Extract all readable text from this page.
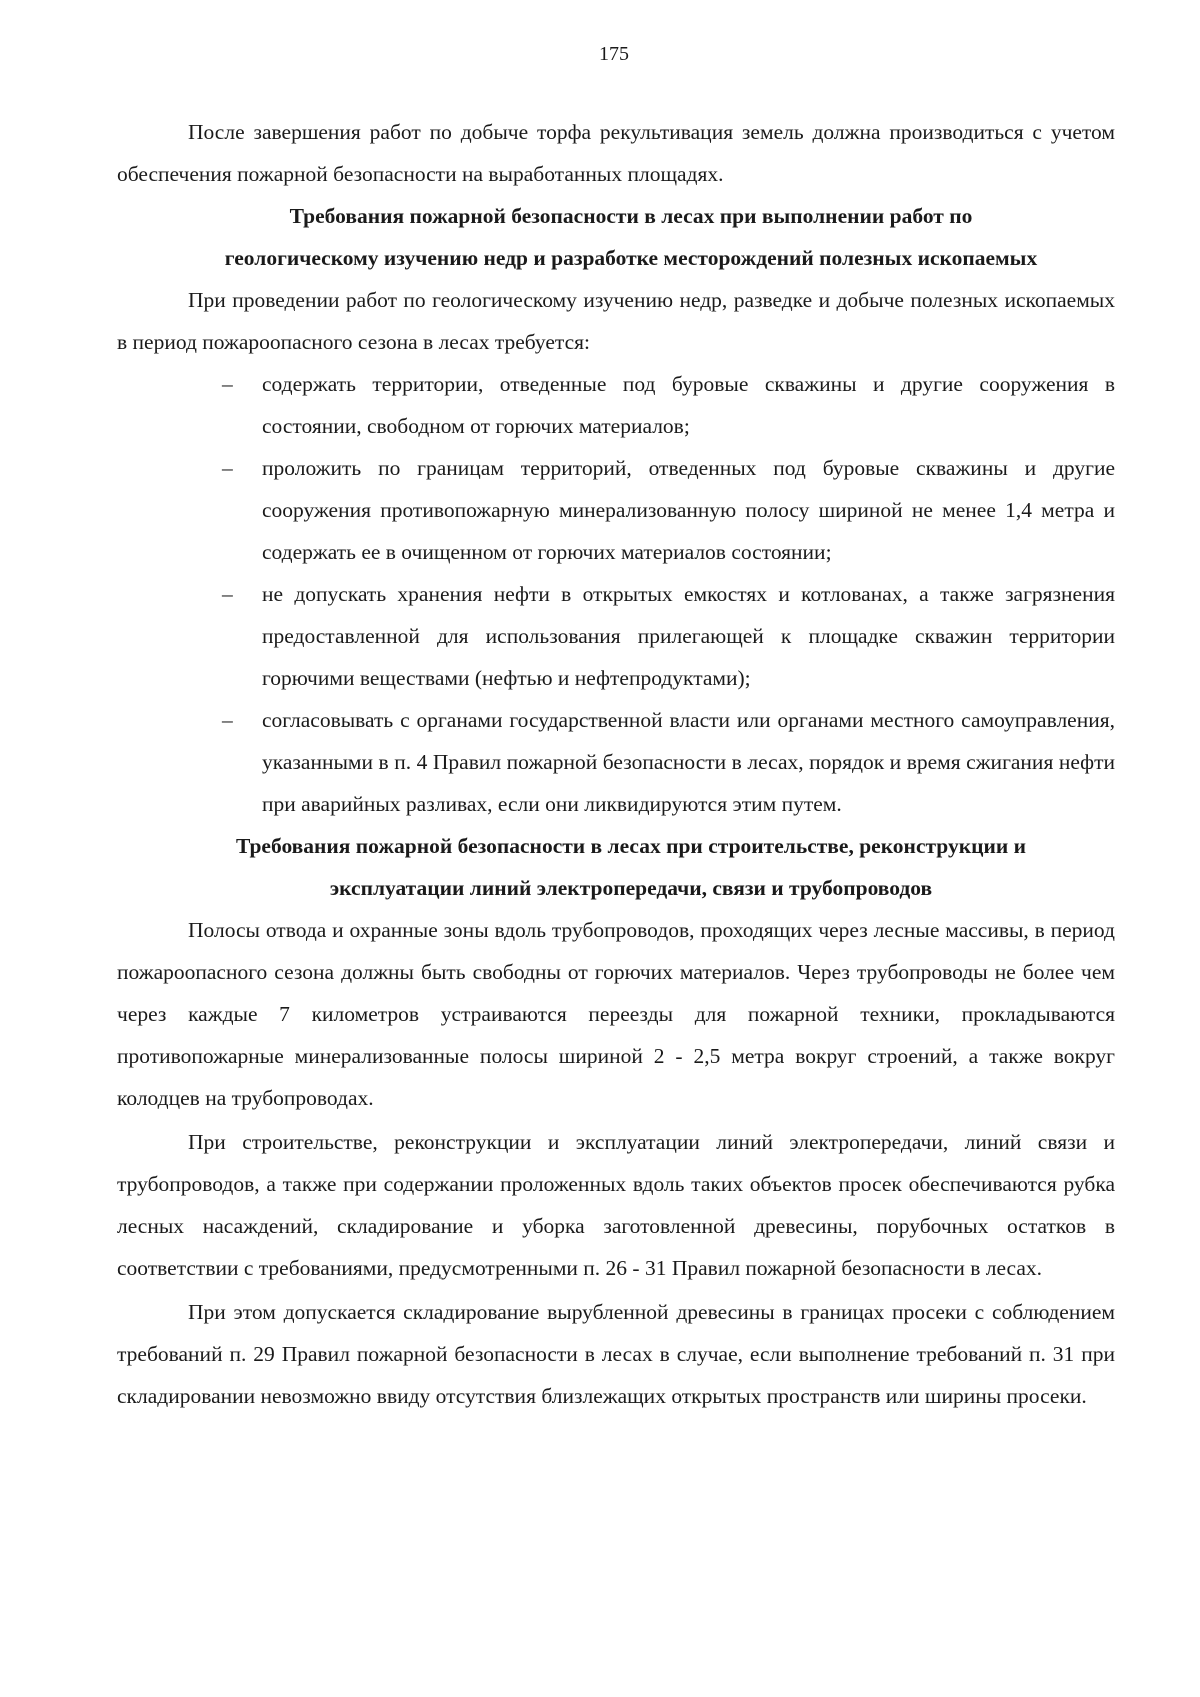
175

После завершения работ по добыче торфа рекультивация земель должна производиться с учетом обеспечения пожарной безопасности на выработанных площадях.

Требования пожарной безопасности в лесах при выполнении работ по
геологическому изучению недр и разработке месторождений полезных ископаемых

При проведении работ по геологическому изучению недр, разведке и добыче полезных ископаемых в период пожароопасного сезона в лесах требуется:

– содержать территории, отведенные под буровые скважины и другие сооружения в состоянии, свободном от горючих материалов;
– проложить по границам территорий, отведенных под буровые скважины и другие сооружения противопожарную минерализованную полосу шириной не менее 1,4 метра и содержать ее в очищенном от горючих материалов состоянии;
– не допускать хранения нефти в открытых емкостях и котлованах, а также загрязнения предоставленной для использования прилегающей к площадке скважин территории горючими веществами (нефтью и нефтепродуктами);
– согласовывать с органами государственной власти или органами местного самоуправления, указанными в п. 4 Правил пожарной безопасности в лесах, порядок и время сжигания нефти при аварийных разливах, если они ликвидируются этим путем.
Требования пожарной безопасности в лесах при строительстве, реконструкции и
эксплуатации линий электропередачи, связи и трубопроводов

Полосы отвода и охранные зоны вдоль трубопроводов, проходящих через лесные массивы, в период пожароопасного сезона должны быть свободны от горючих материалов. Через трубопроводы не более чем через каждые 7 километров устраиваются переезды для пожарной техники, прокладываются противопожарные минерализованные полосы шириной 2 - 2,5 метра вокруг строений, а также вокруг колодцев на трубопроводах.

При строительстве, реконструкции и эксплуатации линий электропередачи, линий связи и трубопроводов, а также при содержании проложенных вдоль таких объектов просек обеспечиваются рубка лесных насаждений, складирование и уборка заготовленной древесины, порубочных остатков в соответствии с требованиями, предусмотренными п. 26 - 31 Правил пожарной безопасности в лесах.

При этом допускается складирование вырубленной древесины в границах просеки с соблюдением требований п. 29 Правил пожарной безопасности в лесах в случае, если выполнение требований п. 31 при складировании невозможно ввиду отсутствия близлежащих открытых пространств или ширины просеки.
